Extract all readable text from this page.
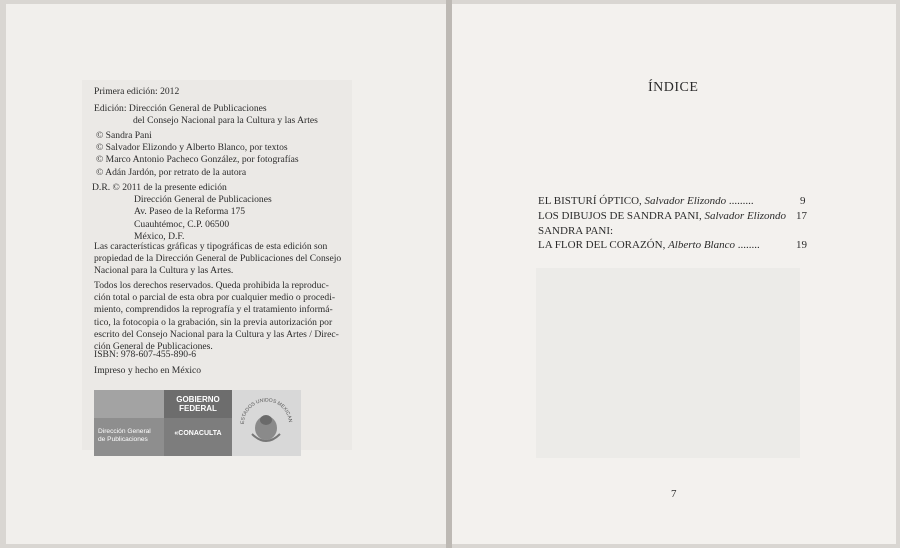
Primera edición: 2012
Edición: Dirección General de Publicaciones
del Consejo Nacional para la Cultura y las Artes
© Sandra Pani
© Salvador Elizondo y Alberto Blanco, por textos
© Marco Antonio Pacheco González, por fotografías
© Adán Jardón, por retrato de la autora
D.R. © 2011 de la presente edición
Dirección General de Publicaciones
Av. Paseo de la Reforma 175
Cuauhtémoc, C.P. 06500
México, D.F.
Las características gráficas y tipográficas de esta edición son
propiedad de la Dirección General de Publicaciones del Consejo
Nacional para la Cultura y las Artes.
Todos los derechos reservados. Queda prohibida la reproduc-
ción total o parcial de esta obra por cualquier medio o procedi-
miento, comprendidos la reprografía y el tratamiento informá-
tico, la fotocopia o la grabación, sin la previa autorización por
escrito del Consejo Nacional para la Cultura y las Artes / Direc-
ción General de Publicaciones.
ISBN: 978-607-455-890-6
Impreso y hecho en México
GOBIERNO
FEDERAL
Dirección General
de Publicaciones
«CONACULTA
ESTADOS UNIDOS MEXICAN
ÍNDICE
EL BISTURÍ ÓPTICO, Salvador Elizondo .........	9
LOS DIBUJOS DE SANDRA PANI, Salvador Elizondo 17
SANDRA PANI:
LA FLOR DEL CORAZÓN, Alberto Blanco ........	19
7
